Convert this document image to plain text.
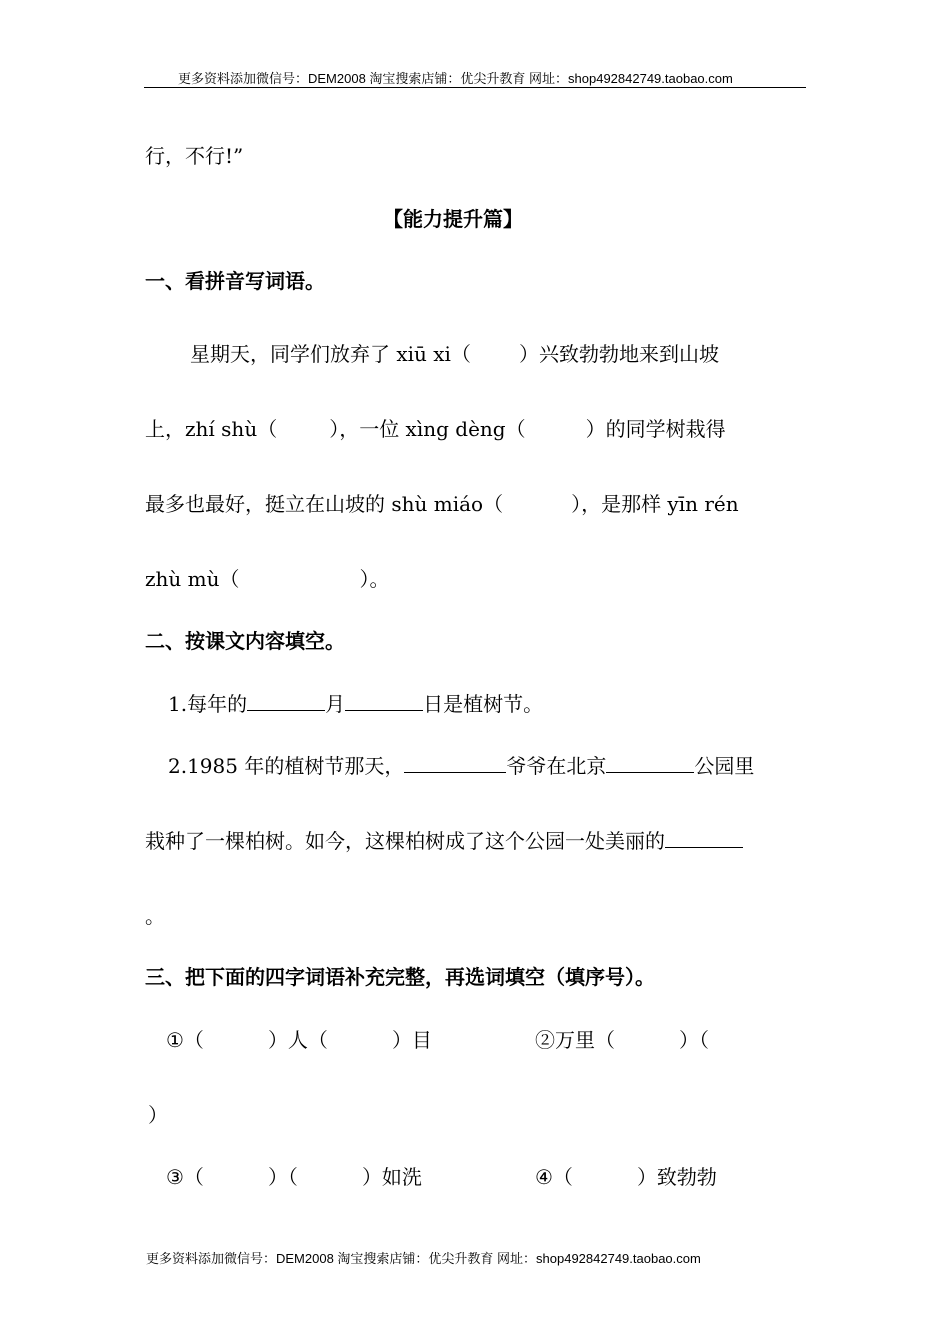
更多资料添加微信号：DEM2008 淘宝搜索店铺：优尖升教育 网址：shop492842749.taobao.com
行，不行!”
【能力提升篇】
一、看拼音写词语。
星期天，同学们放弃了 xiū xi（ ）兴致勃勃地来到山坡
上，zhí shù（	），一位 xìng dèng（	）的同学树栽得
最多也最好，挺立在山坡的 shù miáo（	），是那样 yīn rén
zhù mù（	）。
二、按课文内容填空。
1.每年的	月	日是植树节。
2.1985 年的植树节那天，	爷爷在北京	公园里
栽种了一棵柏树。如今，这棵柏树成了这个公园一处美丽的
。
三、把下面的四字词语补充完整，再选词填空（填序号）。
①（	）人（	）目	②万里（	）（
）
③（	）（	）如洗	④（	）致勃勃
更多资料添加微信号：DEM2008 淘宝搜索店铺：优尖升教育 网址：shop492842749.taobao.com
